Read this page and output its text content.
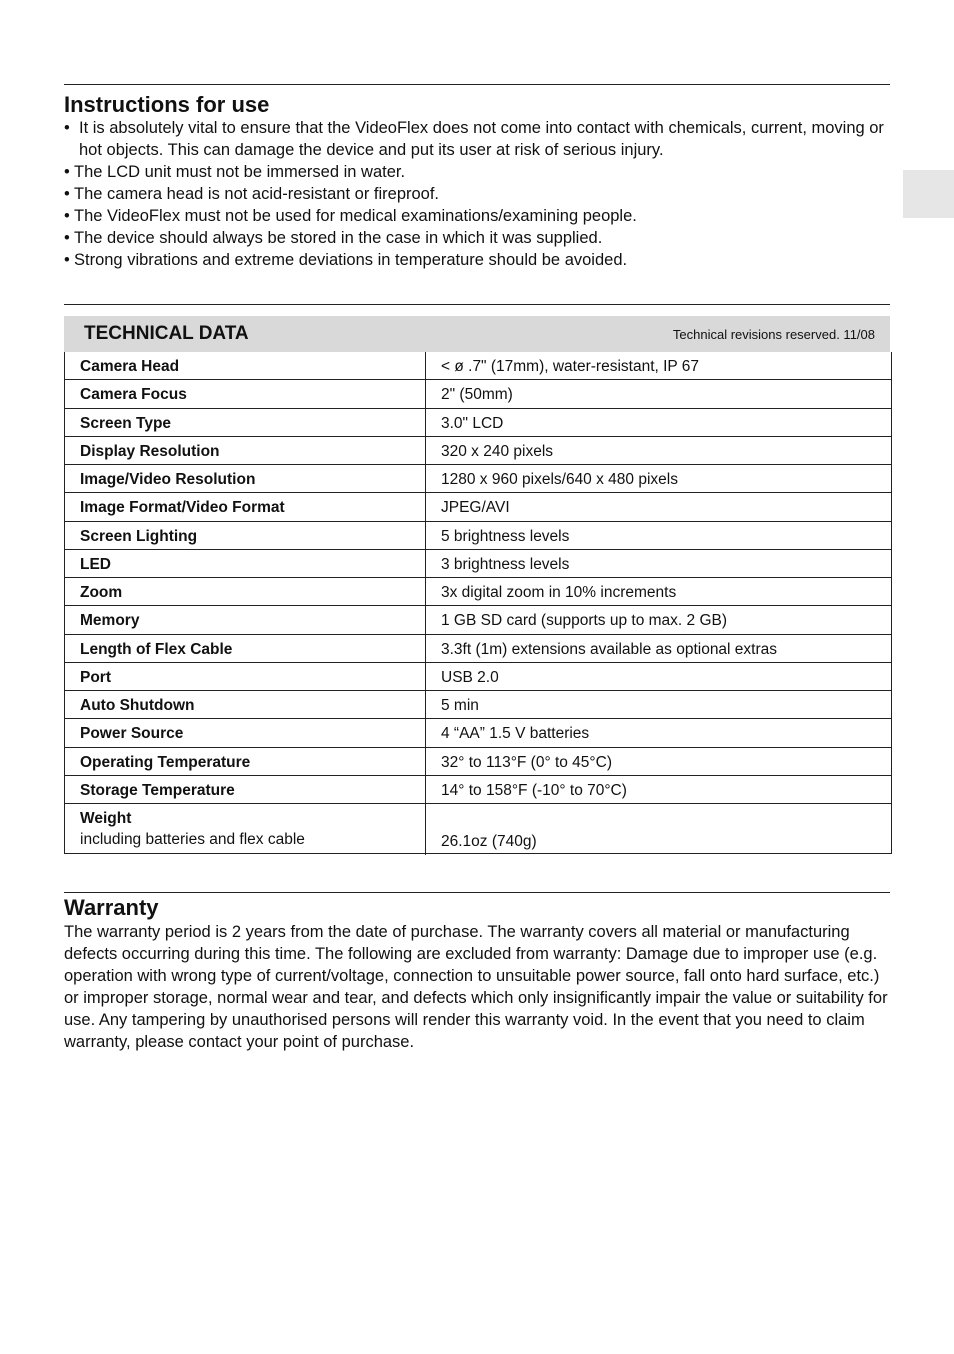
Instructions for use
• It is absolutely vital to ensure that the VideoFlex does not come into contact with chemicals, current, moving or hot objects. This can damage the device and put its user at risk of serious injury.
• The LCD unit must not be immersed in water.
• The camera head is not acid-resistant or fireproof.
• The VideoFlex must not be used for medical examinations/examining people.
• The device should always be stored in the case in which it was supplied.
• Strong vibrations and extreme deviations in temperature should be avoided.
TECHNICAL DATA	Technical revisions reserved. 11/08
Camera Head	< ø .7" (17mm), water-resistant, IP 67
Camera Focus	2" (50mm)
Screen Type	3.0" LCD
Display Resolution	320 x 240 pixels
Image/Video Resolution	1280 x 960 pixels/640 x 480 pixels
Image Format/Video Format	JPEG/AVI
Screen Lighting	5 brightness levels
LED	3 brightness levels
Zoom	3x digital zoom in 10% increments
Memory	1 GB SD card (supports up to max. 2 GB)
Length of Flex Cable	3.3ft (1m) extensions available as optional extras
Port	USB 2.0
Auto Shutdown	5 min
Power Source	4 “AA” 1.5 V batteries
Operating Temperature	32° to 113°F (0° to 45°C)
Storage Temperature	14° to 158°F (-10° to 70°C)
Weight
including batteries and flex cable	26.1oz (740g)
Warranty

The warranty period is 2 years from the date of purchase. The warranty covers all material or manufacturing defects occurring during this time. The following are excluded from warranty: Damage due to improper use (e.g. operation with wrong type of current/voltage, connection to unsuitable power source, fall onto hard surface, etc.) or improper storage, normal wear and tear, and defects which only insignificantly impair the value or suitability for use. Any tampering by unauthorised persons will render this warranty void. In the event that you need to claim warranty, please contact your point of purchase.
